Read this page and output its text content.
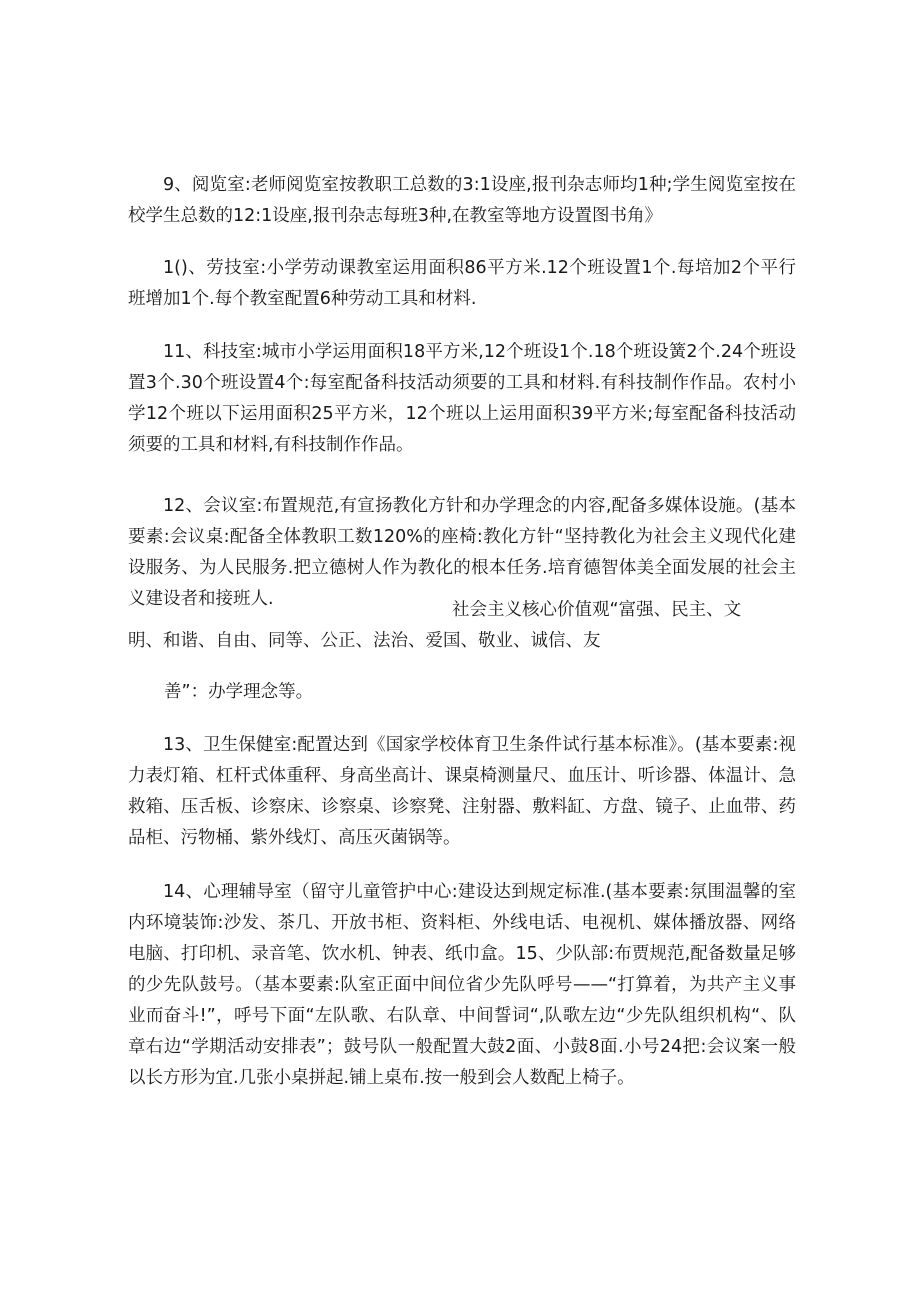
9、阅览室:老师阅览室按教职工总数的3:1设座,报刊杂志师均1种;学生阅览室按在校学生总数的12:1设座,报刊杂志每班3种,在教室等地方设置图书角》

1()、劳技室:小学劳动课教室运用面积86平方米.12个班设置1个.每培加2个平行班增加1个.每个教室配置6种劳动工具和材料.

11、科技室:城市小学运用面积18平方米,12个班设1个.18个班设簧2个.24个班设置3个.30个班设置4个:每室配备科技活动须要的工具和材料.有科技制作作品。农村小学12个班以下运用面积25平方米，12个班以上运用面积39平方米;每室配备科技活动须要的工具和材料,有科技制作作品。

12、会议室:布置规范,有宣扬教化方针和办学理念的内容,配备多媒体设施。(基本要素:会议桌:配备全体教职工数120%的座椅:教化方针“坚持教化为社会主义现代化建设服务、为人民服务.把立德树人作为教化的根本任务.培育德智体美全面发展的社会主义建设者和接班人.

社会主义核心价值观“富强、民主、文

明、和谐、自由、同等、公正、法治、爱国、敬业、诚信、友

善”：办学理念等。

13、卫生保健室:配置达到《国家学校体育卫生条件试行基本标准》。(基本要素:视力表灯箱、杠杆式体重秤、身高坐高计、课桌椅测量尺、血压计、听诊器、体温计、急救箱、压舌板、诊察床、诊察桌、诊察凳、注射器、敷料缸、方盘、镜子、止血带、药品柜、污物桶、紫外线灯、高压灭菌锅等。

14、心理辅导室（留守儿童管护中心:建设达到规定标准.(基本要素:氛围温馨的室内环境装饰:沙发、茶几、开放书柜、资料柜、外线电话、电视机、媒体播放器、网络电脑、打印机、录音笔、饮水机、钟表、纸巾盒。15、少队部:布贾规范,配备数量足够的少先队鼓号。（基本要素:队室正面中间位省少先队呼号——“打算着，为共产主义事业而奋斗!”，呼号下面“左队歌、右队章、中间誓词“,队歌左边“少先队组织机构“、队章右边“学期活动安排表”；鼓号队一般配置大鼓2面、小鼓8面.小号24把:会议案一般以长方形为宜.几张小桌拼起.铺上桌布.按一般到会人数配上椅子。
